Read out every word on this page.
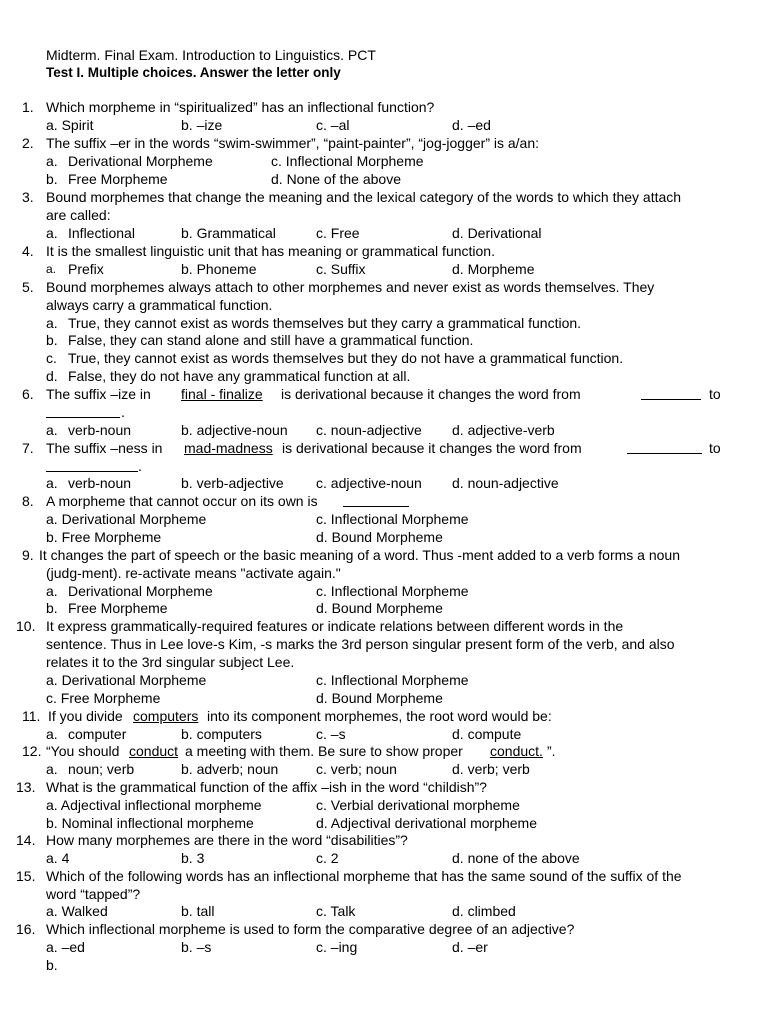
Midterm. Final Exam. Introduction to Linguistics. PCT
Test I. Multiple choices. Answer the letter only
1. Which morpheme in “spiritualized” has an inflectional function?
a. Spirit	b. –ize	c. –al	d. –ed
2. The suffix –er in the words “swim-swimmer”, “paint-painter”, “jog-jogger” is a/an:
a. Derivational Morpheme	c. Inflectional Morpheme
b. Free Morpheme	d. None of the above
3. Bound morphemes that change the meaning and the lexical category of the words to which they attach
are called:
a. Inflectional	b. Grammatical	c. Free	d. Derivational
4. It is the smallest linguistic unit that has meaning or grammatical function.
a. Prefix	b. Phoneme	c. Suffix	d. Morpheme
5. Bound morphemes always attach to other morphemes and never exist as words themselves. They
always carry a grammatical function.
a. True, they cannot exist as words themselves but they carry a grammatical function.
b. False, they can stand alone and still have a grammatical function.
c. True, they cannot exist as words themselves but they do not have a grammatical function.
d. False, they do not have any grammatical function at all.
6. The suffix –ize in final - finalize is derivational because it changes the word from	to
.
a. verb-noun	b. adjective-noun c. noun-adjective d. adjective-verb
7. The suffix –ness in mad-madness is derivational because it changes the word from	to
.
a. verb-noun	b. verb-adjective c. adjective-noun d. noun-adjective
8. A morpheme that cannot occur on its own is
a. Derivational Morpheme	c. Inflectional Morpheme
b. Free Morpheme	d. Bound Morpheme
9. It changes the part of speech or the basic meaning of a word. Thus -ment added to a verb forms a noun
(judg-ment). re-activate means "activate again."
a. Derivational Morpheme	c. Inflectional Morpheme
b. Free Morpheme	d. Bound Morpheme
10. It express grammatically-required features or indicate relations between different words in the
sentence. Thus in Lee love-s Kim, -s marks the 3rd person singular present form of the verb, and also
relates it to the 3rd singular subject Lee.
a. Derivational Morpheme	c. Inflectional Morpheme
c. Free Morpheme	d. Bound Morpheme
11. If you divide computers into its component morphemes, the root word would be:
a. computer	b. computers	c. –s	d. compute
12. “You should conduct a meeting with them. Be sure to show proper conduct. ”.
a. noun; verb	b. adverb; noun	c. verb; noun	d. verb; verb
13. What is the grammatical function of the affix –ish in the word “childish”?
a. Adjectival inflectional morpheme	c. Verbial derivational morpheme
b. Nominal inflectional morpheme	d. Adjectival derivational morpheme
14. How many morphemes are there in the word “disabilities”?
a. 4	b. 3	c. 2	d. none of the above
15. Which of the following words has an inflectional morpheme that has the same sound of the suffix of the
word “tapped”?
a. Walked	b. tall	c. Talk	d. climbed
16. Which inflectional morpheme is used to form the comparative degree of an adjective?
a. –ed	b. –s	c. –ing	d. –er
b.
